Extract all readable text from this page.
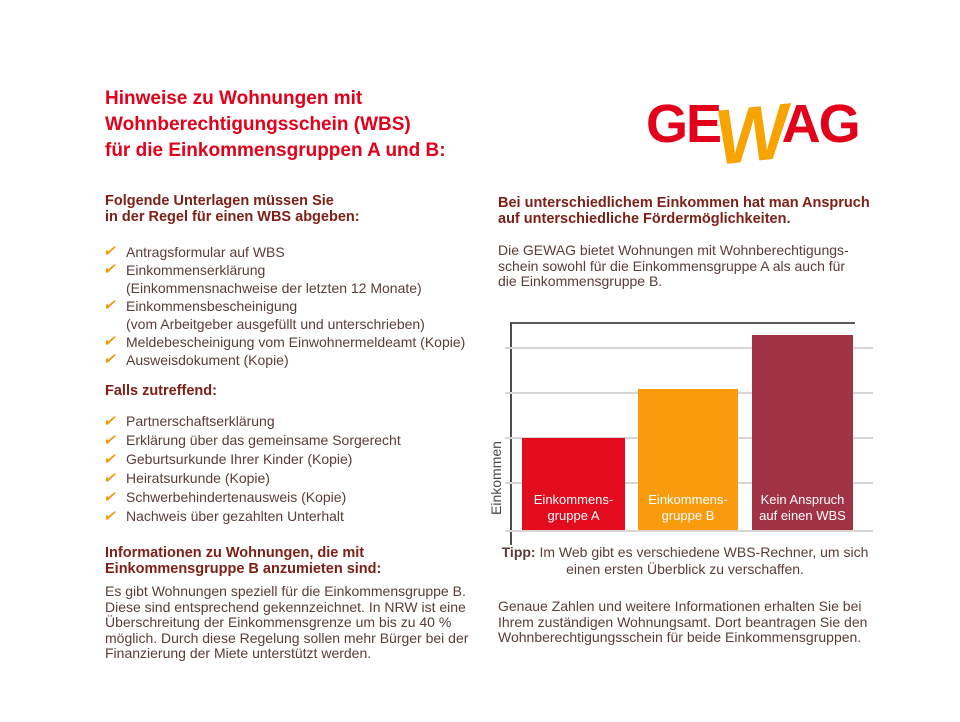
Hinweise zu Wohnungen mit
Wohnberechtigungsschein (WBS)
für die Einkommensgruppen A und B:	GE
W
AG
Folgende Unterlagen müssen Sie
in der Regel für einen WBS abgeben:
✔ Antragsformular auf WBS
✔ Einkommenserklärung
(Einkommensnachweise der letzten 12 Monate)
✔ Einkommensbescheinigung
(vom Arbeitgeber ausgefüllt und unterschrieben)
✔ Meldebescheinigung vom Einwohnermeldeamt (Kopie)
✔ Ausweisdokument (Kopie)
Falls zutreffend:
✔ Partnerschaftserklärung
✔ Erklärung über das gemeinsame Sorgerecht
✔ Geburtsurkunde Ihrer Kinder (Kopie)
✔ Heiratsurkunde (Kopie)
✔ Schwerbehindertenausweis (Kopie)
✔ Nachweis über gezahlten Unterhalt
Informationen zu Wohnungen, die mit
Einkommensgruppe B anzumieten sind:
Es gibt Wohnungen speziell für die Einkommensgruppe B.
Diese sind entsprechend gekennzeichnet. In NRW ist eine
Überschreitung der Einkommensgrenze um bis zu 40 %
möglich. Durch diese Regelung sollen mehr Bürger bei der
Finanzierung der Miete unterstützt werden.
Bei unterschiedlichem Einkommen hat man Anspruch
auf unterschiedliche Fördermöglichkeiten.
Die GEWAG bietet Wohnungen mit Wohnberechtigungs-
schein sowohl für die Einkommensgruppe A als auch für
die Einkommensgruppe B.
Einkommens-
gruppe A
Einkommens-
gruppe B
Kein Anspruch
auf einen WBS
Einkommen
Tipp: Im Web gibt es verschiedene WBS-Rechner, um sich
einen ersten Überblick zu verschaffen.
Genaue Zahlen und weitere Informationen erhalten Sie bei
Ihrem zuständigen Wohnungsamt. Dort beantragen Sie den
Wohnberechtigungsschein für beide Einkommensgruppen.
